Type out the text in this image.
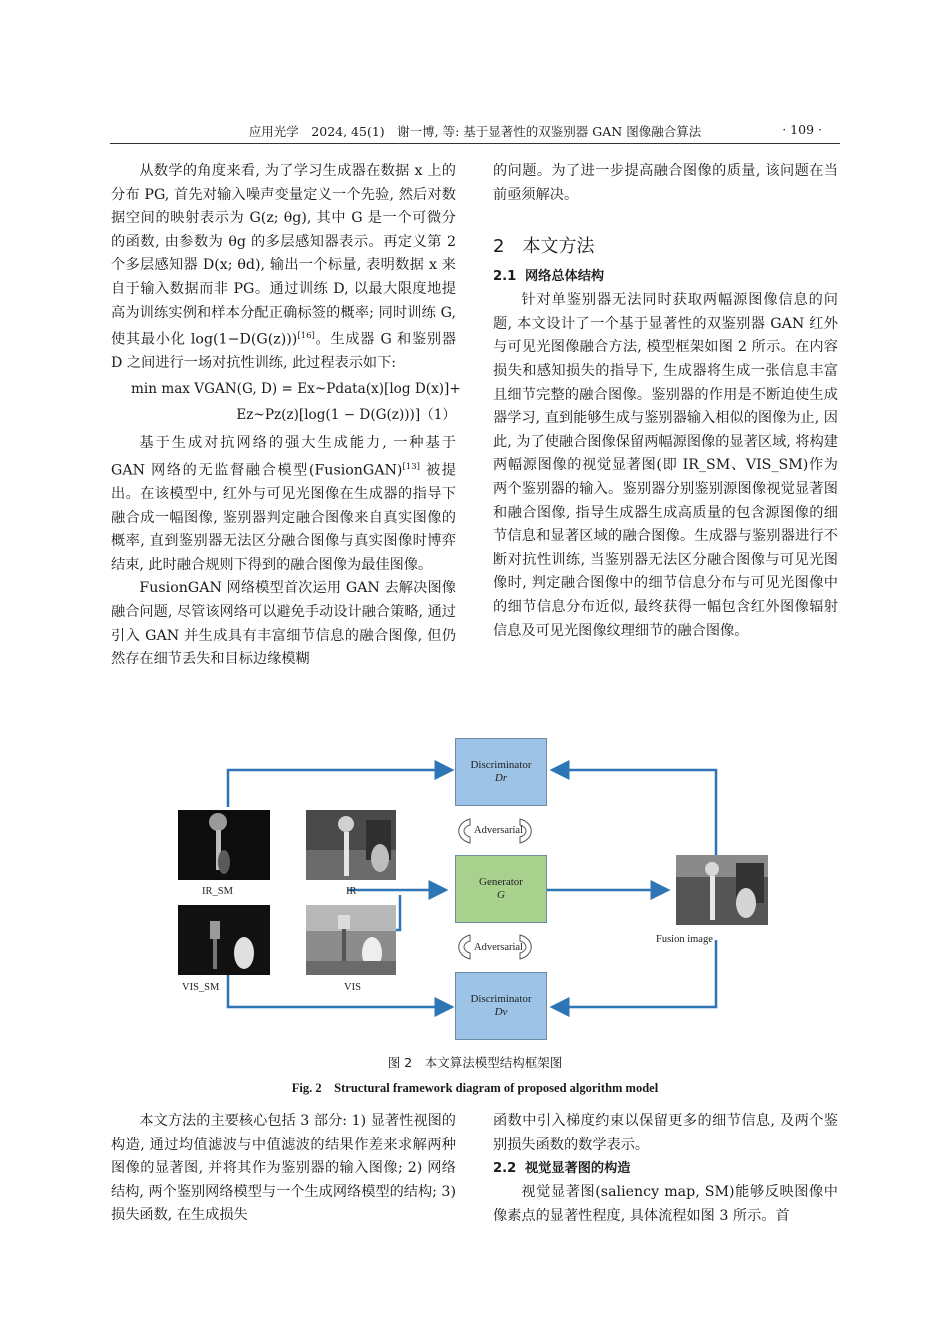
应用光学　2024, 45(1)　谢一博, 等: 基于显著性的双鉴别器 GAN 图像融合算法	· 109 ·

从数学的角度来看, 为了学习生成器在数据 x 上的分布 PG, 首先对输入噪声变量定义一个先验, 然后对数据空间的映射表示为 G(z; θg), 其中 G 是一个可微分的函数, 由参数为 θg 的多层感知器表示。再定义第 2 个多层感知器 D(x; θd), 输出一个标量, 表明数据 x 来自于输入数据而非 PG。通过训练 D, 以最大限度地提高为训练实例和样本分配正确标签的概率; 同时训练 G, 使其最小化 log(1−D(G(z)))[16]。生成器 G 和鉴别器 D 之间进行一场对抗性训练, 此过程表示如下:

min max VGAN(G, D) = Ex~Pdata(x)[log D(x)]+
Ez~Pz(z)[log(1 − D(G(z)))]（1）

基于生成对抗网络的强大生成能力, 一种基于 GAN 网络的无监督融合模型(FusionGAN)[13] 被提出。在该模型中, 红外与可见光图像在生成器的指导下融合成一幅图像, 鉴别器判定融合图像来自真实图像的概率, 直到鉴别器无法区分融合图像与真实图像时博弈结束, 此时融合规则下得到的融合图像为最佳图像。

FusionGAN 网络模型首次运用 GAN 去解决图像融合问题, 尽管该网络可以避免手动设计融合策略, 通过引入 GAN 并生成具有丰富细节信息的融合图像, 但仍然存在细节丢失和目标边缘模糊

的问题。为了进一步提高融合图像的质量, 该问题在当前亟须解决。

2　本文方法

2.1 网络总体结构

针对单鉴别器无法同时获取两幅源图像信息的问题, 本文设计了一个基于显著性的双鉴别器 GAN 红外与可见光图像融合方法, 模型框架如图 2 所示。在内容损失和感知损失的指导下, 生成器将生成一张信息丰富且细节完整的融合图像。鉴别器的作用是不断迫使生成器学习, 直到能够生成与鉴别器输入相似的图像为止, 因此, 为了使融合图像保留两幅源图像的显著区域, 将构建两幅源图像的视觉显著图(即 IR_SM、VIS_SM)作为两个鉴别器的输入。鉴别器分别鉴别源图像视觉显著图和融合图像, 指导生成器生成高质量的包含源图像的细节信息和显著区域的融合图像。生成器与鉴别器进行不断对抗性训练, 当鉴别器无法区分融合图像与可见光图像时, 判定融合图像中的细节信息分布与可见光图像中的细节信息分布近似, 最终获得一幅包含红外图像辐射信息及可见光图像纹理细节的融合图像。

Discriminator
Dr
Adversarial
Generator
G
Adversarial
Discriminator
Dv
IR_SM	IR
VIS_SM	VIS
Fusion image
图 2　本文算法模型结构框架图
Fig. 2　Structural framework diagram of proposed algorithm model

本文方法的主要核心包括 3 部分: 1) 显著性视图的构造, 通过均值滤波与中值滤波的结果作差来求解两种图像的显著图, 并将其作为鉴别器的输入图像; 2) 网络结构, 两个鉴别网络模型与一个生成网络模型的结构; 3) 损失函数, 在生成损失

函数中引入梯度约束以保留更多的细节信息, 及两个鉴别损失函数的数学表示。

2.2 视觉显著图的构造

视觉显著图(saliency map, SM)能够反映图像中像素点的显著性程度, 具体流程如图 3 所示。首
